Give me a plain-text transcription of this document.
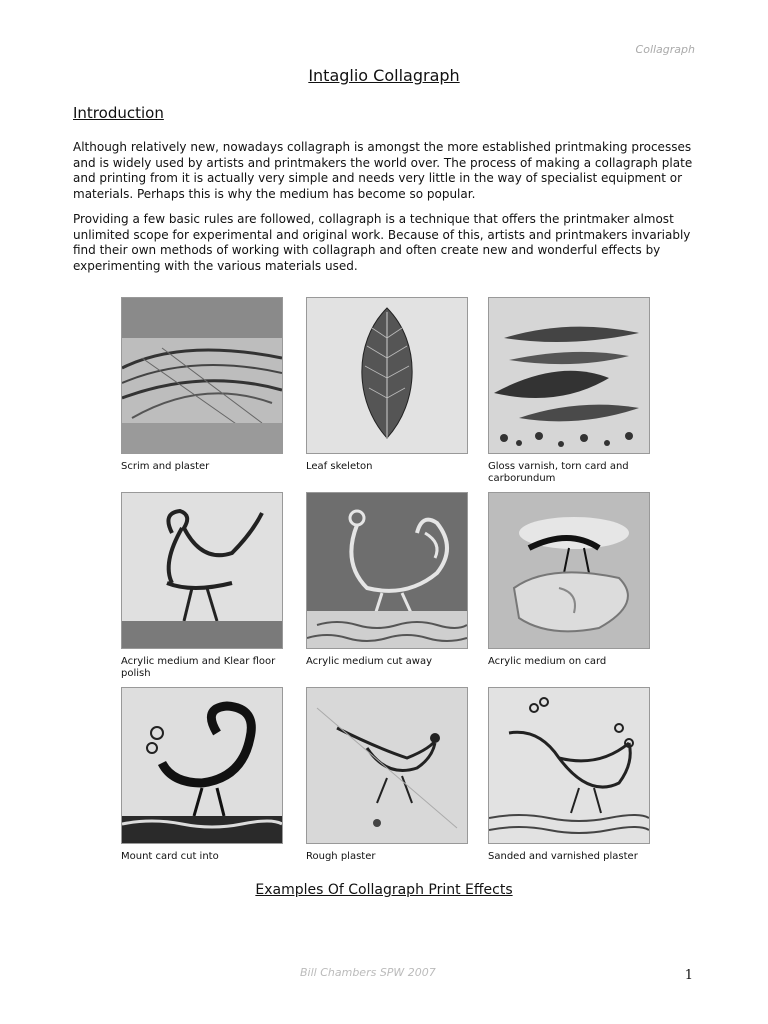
Collagraph
Intaglio Collagraph
Introduction

Although relatively new, nowadays collagraph is amongst the more established printmaking processes and is widely used by artists and printmakers the world over. The process of making a collagraph plate and printing from it is actually very simple and needs very little in the way of specialist equipment or materials. Perhaps this is why the medium has become so popular.

Providing a few basic rules are followed, collagraph is a technique that offers the printmaker almost unlimited scope for experimental and original work. Because of this, artists and printmakers invariably find their own methods of working with collagraph and often create new and wonderful effects by experimenting with the various materials used.

Scrim and plaster	Leaf skeleton	Gloss varnish, torn card and carborundum
Acrylic medium and Klear floor polish
Acrylic medium cut away	Acrylic medium on card
Mount card cut into	Rough plaster	Sanded and varnished plaster
Examples Of Collagraph Print Effects
Bill Chambers SPW 2007	1
